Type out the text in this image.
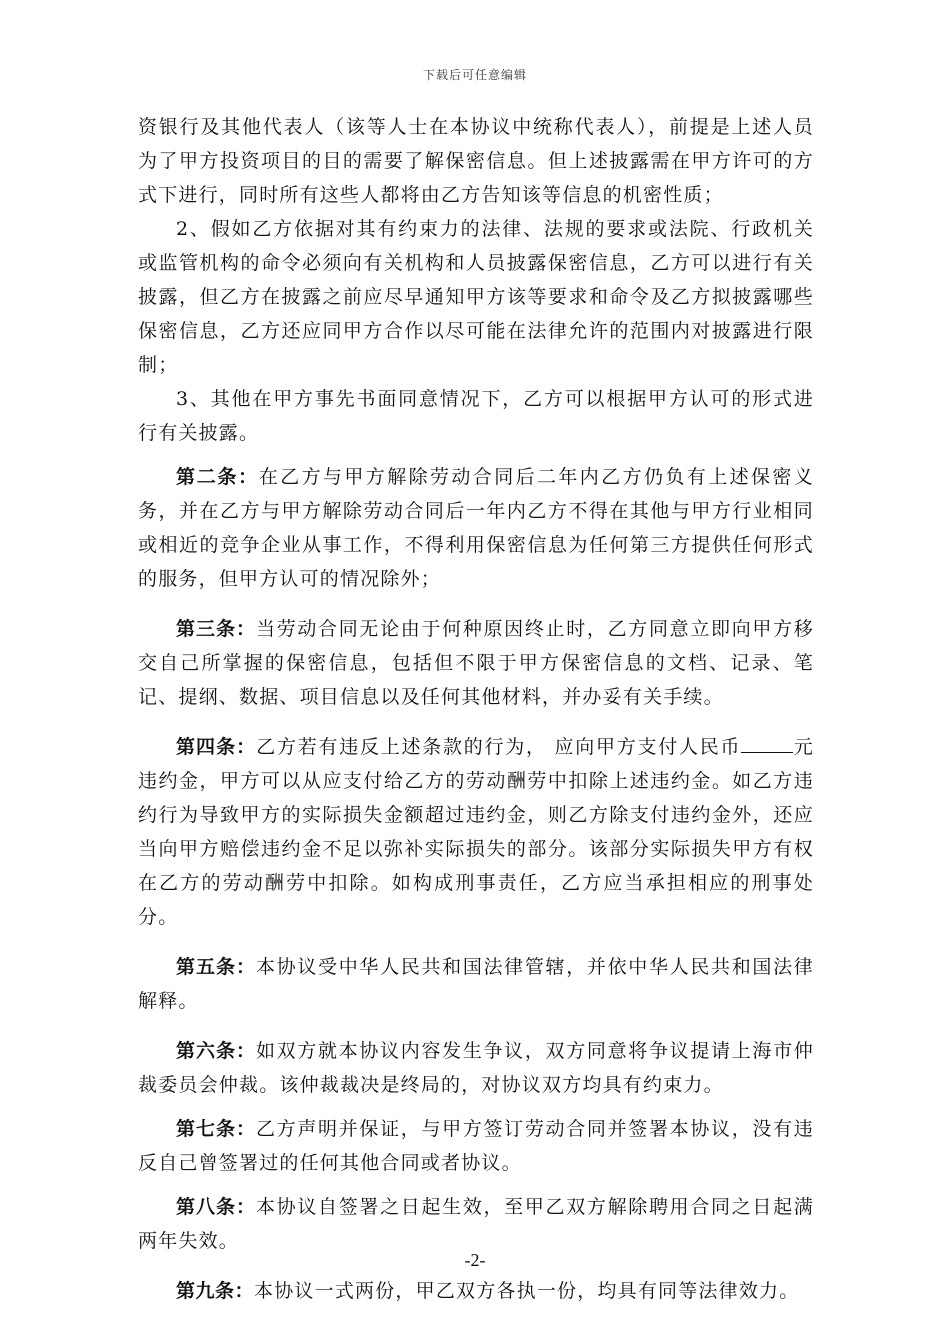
下载后可任意编辑

资银行及其他代表人（该等人士在本协议中统称代表人），前提是上述人员为了甲方投资项目的目的需要了解保密信息。但上述披露需在甲方许可的方式下进行，同时所有这些人都将由乙方告知该等信息的机密性质；

2、假如乙方依据对其有约束力的法律、法规的要求或法院、行政机关或监管机构的命令必须向有关机构和人员披露保密信息，乙方可以进行有关披露，但乙方在披露之前应尽早通知甲方该等要求和命令及乙方拟披露哪些保密信息，乙方还应同甲方合作以尽可能在法律允许的范围内对披露进行限制；

3、其他在甲方事先书面同意情况下，乙方可以根据甲方认可的形式进行有关披露。

第二条：在乙方与甲方解除劳动合同后二年内乙方仍负有上述保密义务，并在乙方与甲方解除劳动合同后一年内乙方不得在其他与甲方行业相同或相近的竞争企业从事工作，不得利用保密信息为任何第三方提供任何形式的服务，但甲方认可的情况除外；

第三条：当劳动合同无论由于何种原因终止时，乙方同意立即向甲方移交自己所掌握的保密信息，包括但不限于甲方保密信息的文档、记录、笔记、提纲、数据、项目信息以及任何其他材料，并办妥有关手续。

第四条：乙方若有违反上述条款的行为， 应向甲方支付人民币	元违约金，甲方可以从应支付给乙方的劳动酬劳中扣除上述违约金。如乙方违约行为导致甲方的实际损失金额超过违约金，则乙方除支付违约金外，还应当向甲方赔偿违约金不足以弥补实际损失的部分。该部分实际损失甲方有权在乙方的劳动酬劳中扣除。如构成刑事责任，乙方应当承担相应的刑事处分。

第五条：本协议受中华人民共和国法律管辖，并依中华人民共和国法律解释。

第六条：如双方就本协议内容发生争议，双方同意将争议提请上海市仲裁委员会仲裁。该仲裁裁决是终局的，对协议双方均具有约束力。

第七条：乙方声明并保证，与甲方签订劳动合同并签署本协议，没有违反自己曾签署过的任何其他合同或者协议。

第八条：本协议自签署之日起生效，至甲乙双方解除聘用合同之日起满两年失效。

第九条：本协议一式两份，甲乙双方各执一份，均具有同等法律效力。

-2-
